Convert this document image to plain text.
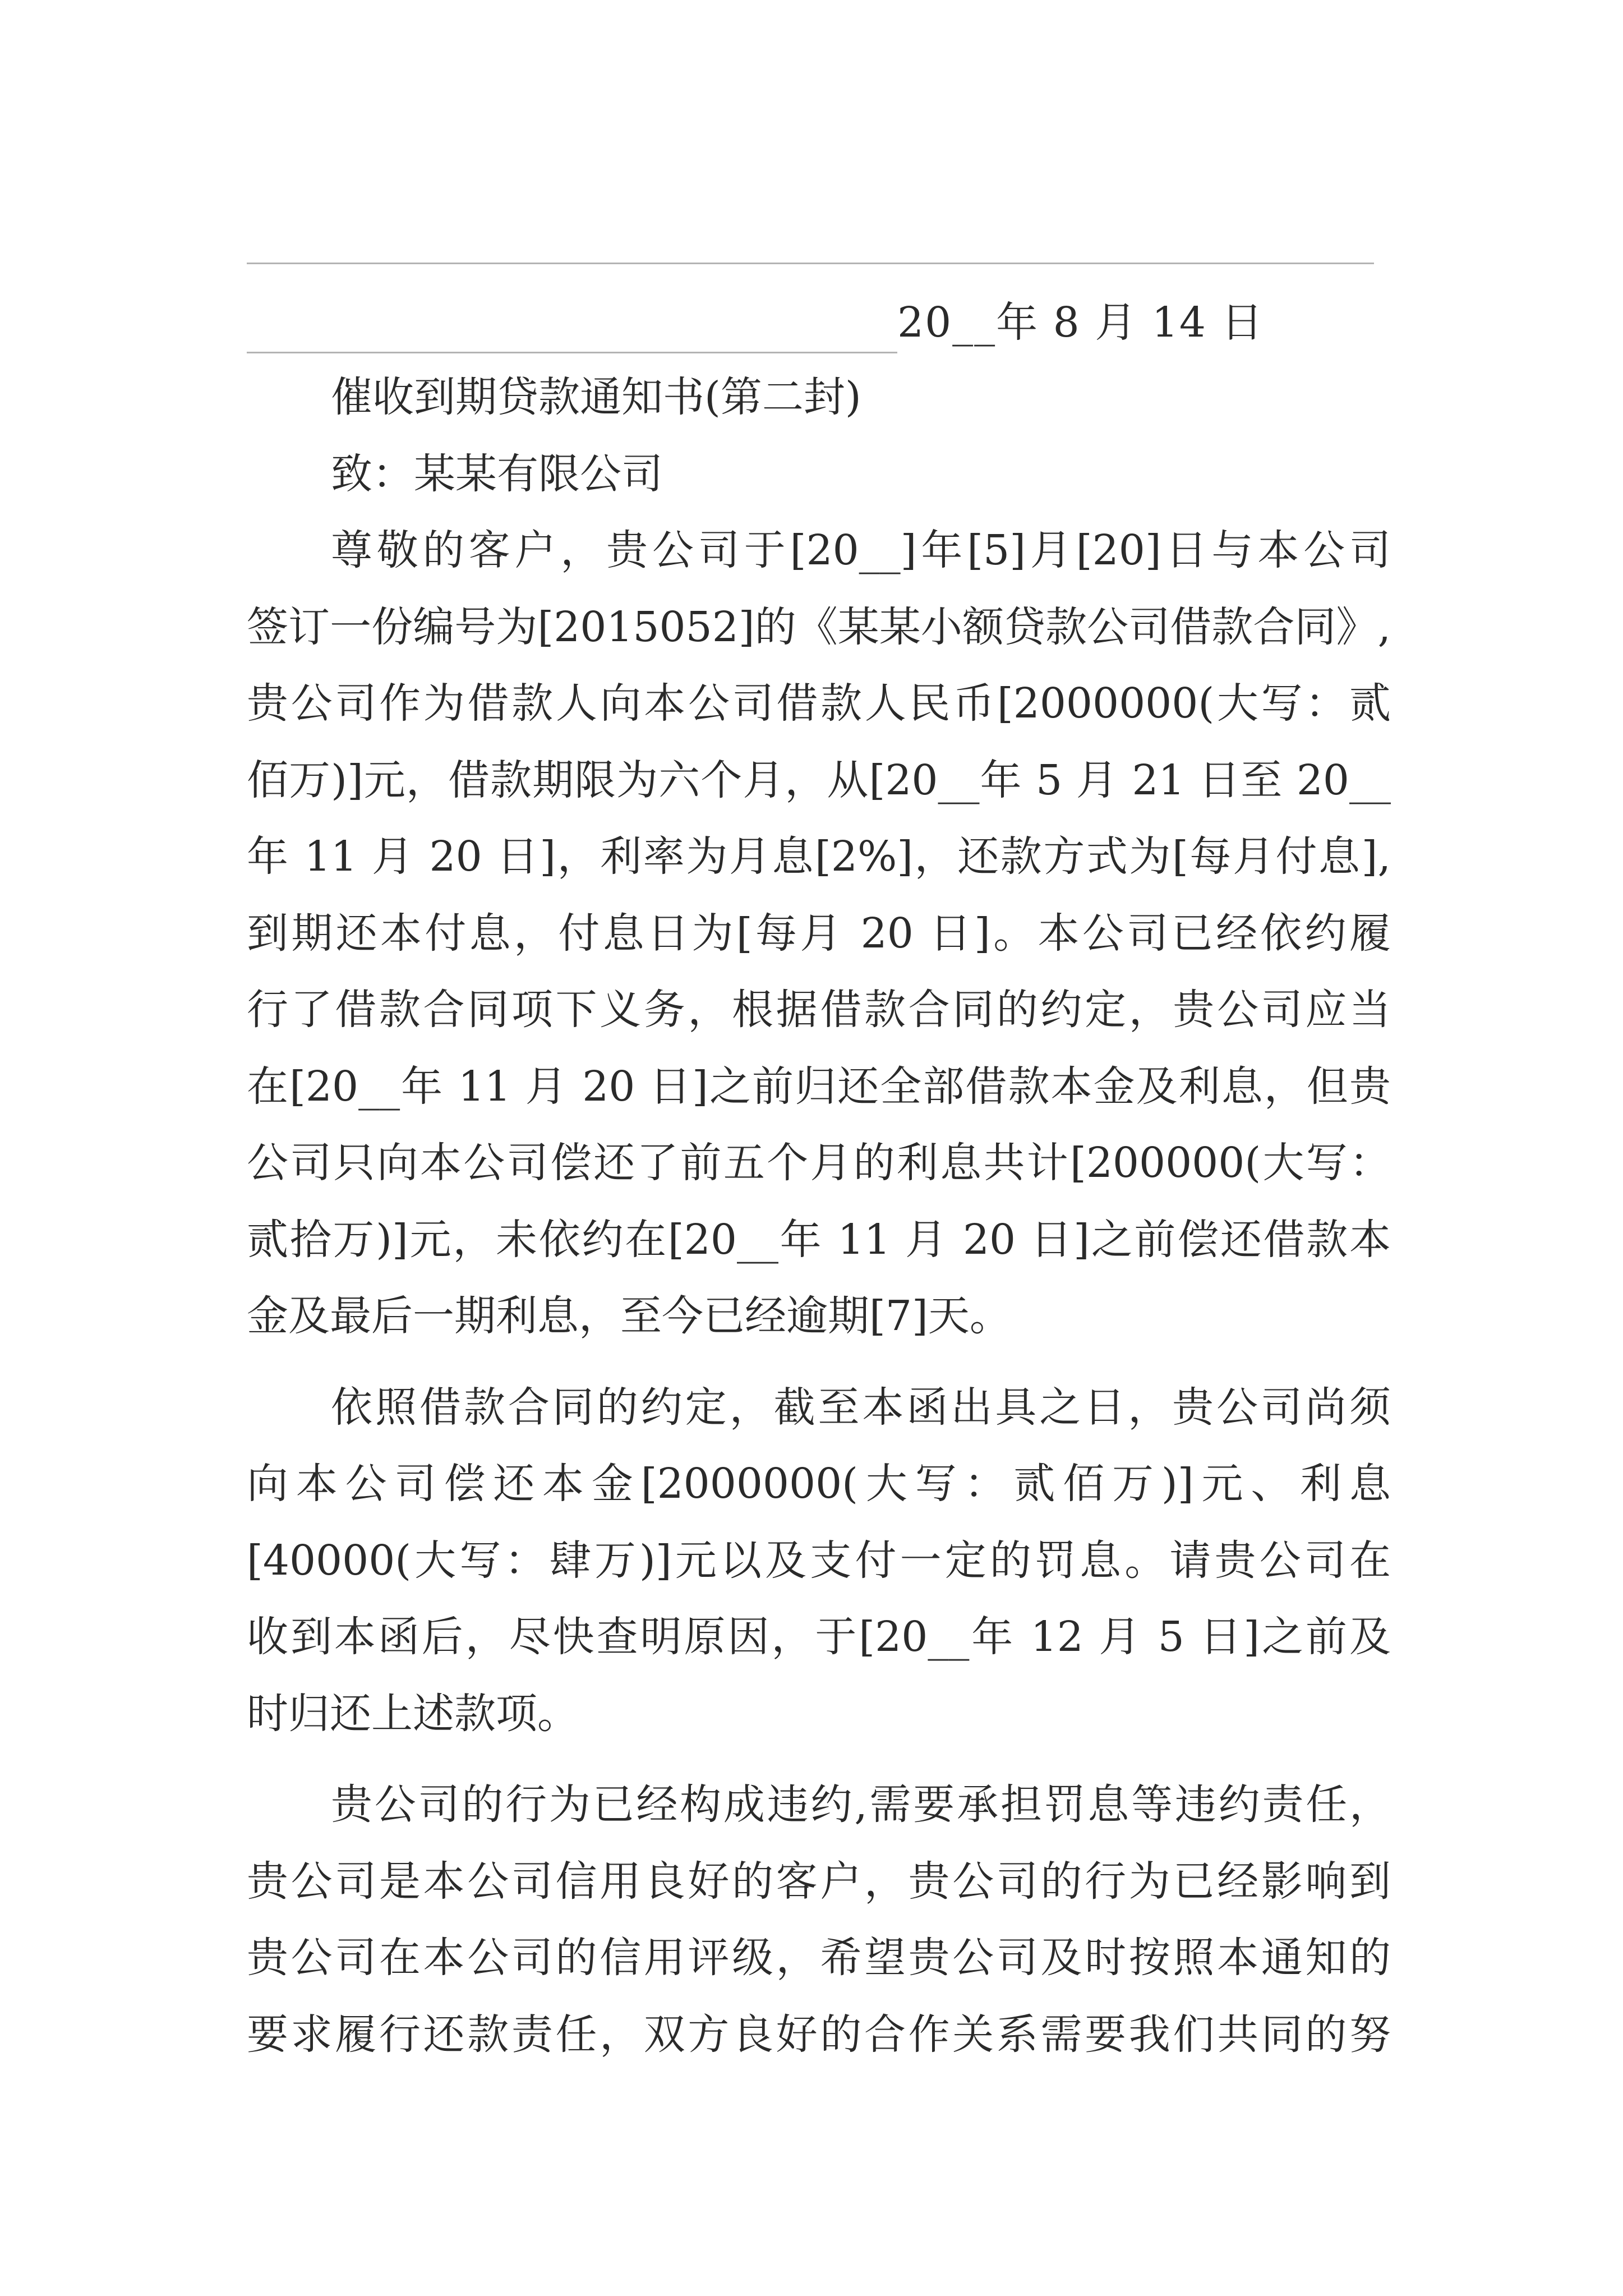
20__年 8 月 14 日
催收到期贷款通知书(第二封)
致：某某有限公司
尊敬的客户，贵公司于[20__]年[5]月[20]日与本公司
签订一份编号为[2015052]的《某某小额贷款公司借款合同》,
贵公司作为借款人向本公司借款人民币[2000000(大写：贰
佰万)]元，借款期限为六个月，从[20__年 5 月 21 日至 20__
年 11 月 20 日]，利率为月息[2%]，还款方式为[每月付息],
到期还本付息，付息日为[每月 20 日]。本公司已经依约履
行了借款合同项下义务，根据借款合同的约定，贵公司应当
在[20__年 11 月 20 日]之前归还全部借款本金及利息，但贵
公司只向本公司偿还了前五个月的利息共计[200000(大写：
贰拾万)]元，未依约在[20__年 11 月 20 日]之前偿还借款本
金及最后一期利息，至今已经逾期[7]天。
依照借款合同的约定，截至本函出具之日，贵公司尚须
向本公司偿还本金[2000000(大写：贰佰万)]元、利息
[40000(大写：肆万)]元以及支付一定的罚息。请贵公司在
收到本函后，尽快查明原因，于[20__年 12 月 5 日]之前及
时归还上述款项。
贵公司的行为已经构成违约,需要承担罚息等违约责任，
贵公司是本公司信用良好的客户，贵公司的行为已经影响到
贵公司在本公司的信用评级，希望贵公司及时按照本通知的
要求履行还款责任，双方良好的合作关系需要我们共同的努
